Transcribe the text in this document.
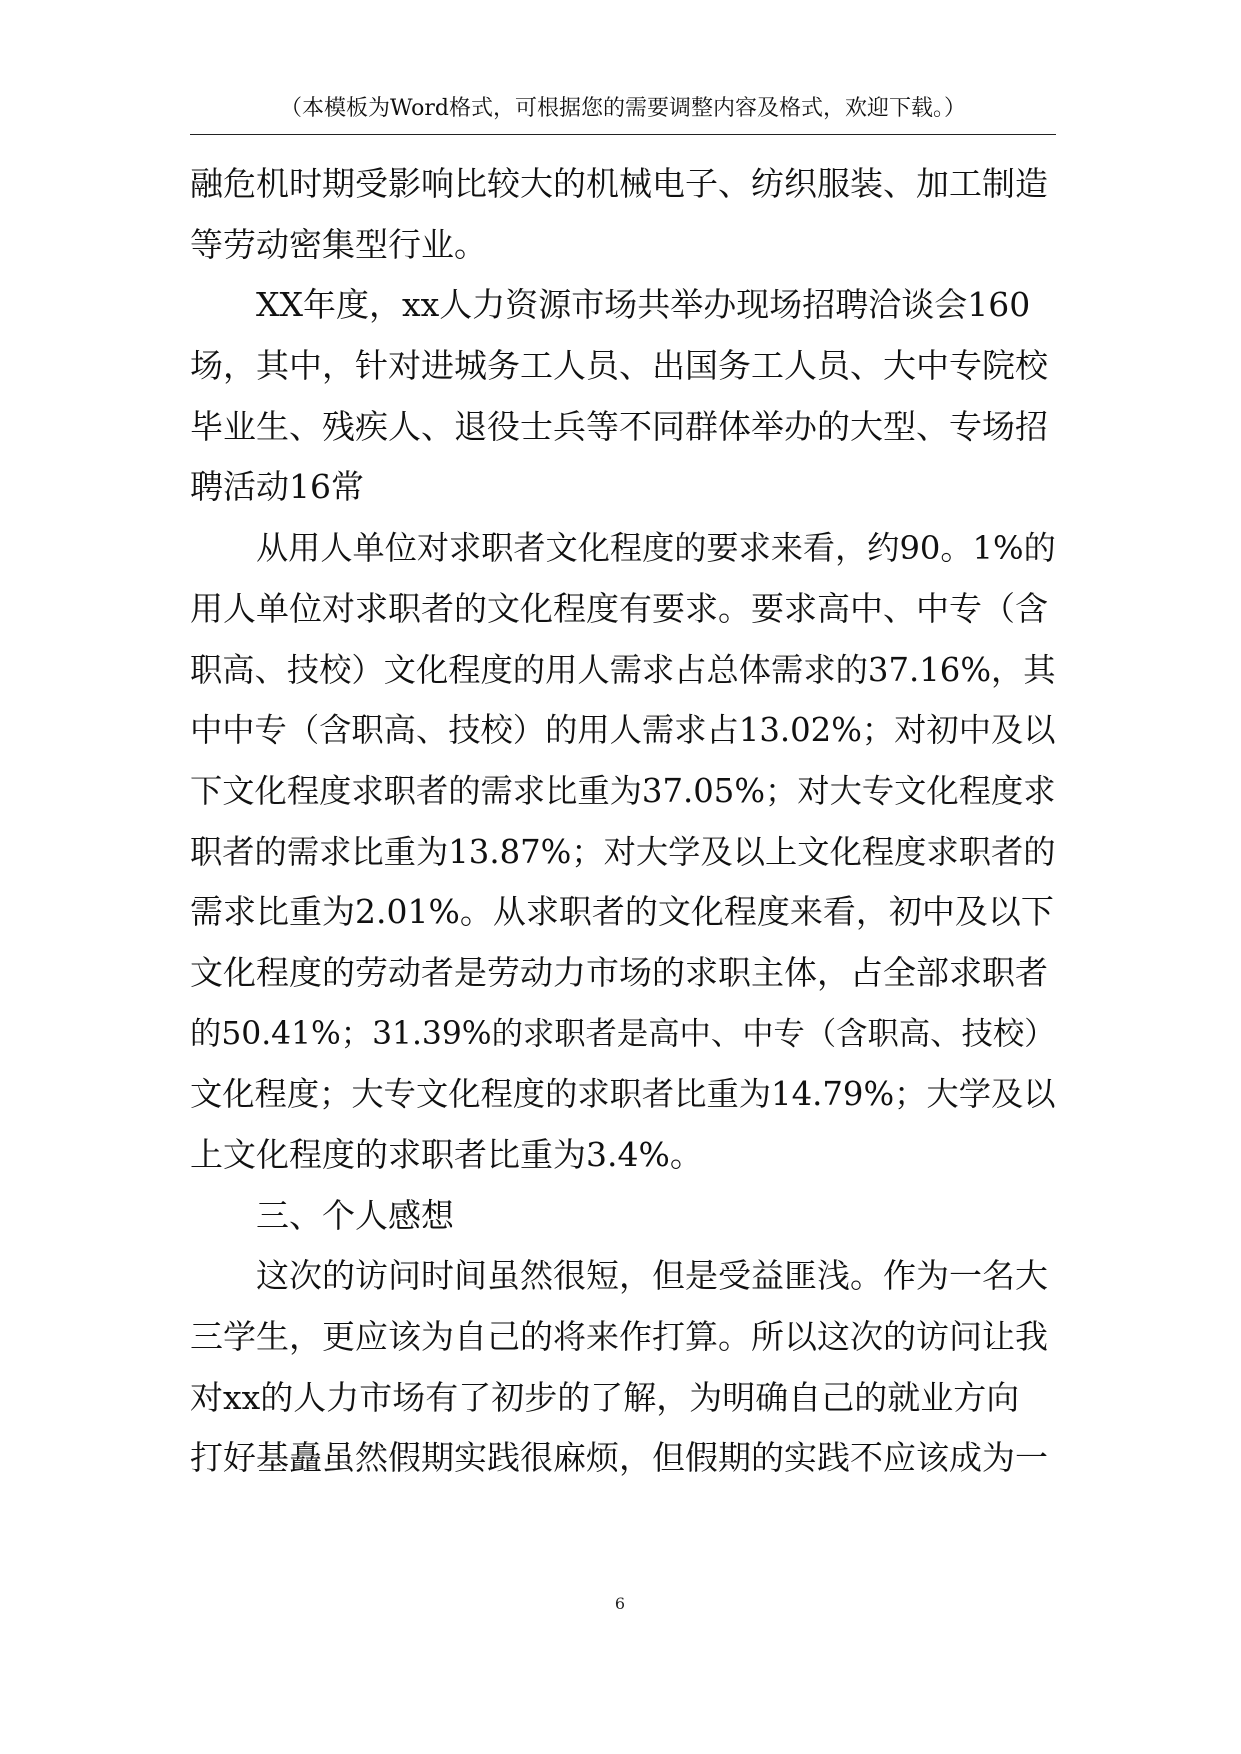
（本模板为Word格式，可根据您的需要调整内容及格式，欢迎下载。）
融危机时期受影响比较大的机械电子、纺织服装、加工制造
等劳动密集型行业。
XX年度，xx人力资源市场共举办现场招聘洽谈会160
场，其中，针对进城务工人员、出国务工人员、大中专院校
毕业生、残疾人、退役士兵等不同群体举办的大型、专场招
聘活动16常
从用人单位对求职者文化程度的要求来看，约90。1%的
用人单位对求职者的文化程度有要求。要求高中、中专（含
职高、技校）文化程度的用人需求占总体需求的37.16%，其
中中专（含职高、技校）的用人需求占13.02%；对初中及以
下文化程度求职者的需求比重为37.05%；对大专文化程度求
职者的需求比重为13.87%；对大学及以上文化程度求职者的
需求比重为2.01%。从求职者的文化程度来看，初中及以下
文化程度的劳动者是劳动力市场的求职主体，占全部求职者
的50.41%；31.39%的求职者是高中、中专（含职高、技校）
文化程度；大专文化程度的求职者比重为14.79%；大学及以
上文化程度的求职者比重为3.4%。
三、个人感想
这次的访问时间虽然很短，但是受益匪浅。作为一名大
三学生，更应该为自己的将来作打算。所以这次的访问让我
对xx的人力市场有了初步的了解，为明确自己的就业方向
打好基矗虽然假期实践很麻烦，但假期的实践不应该成为一
6
